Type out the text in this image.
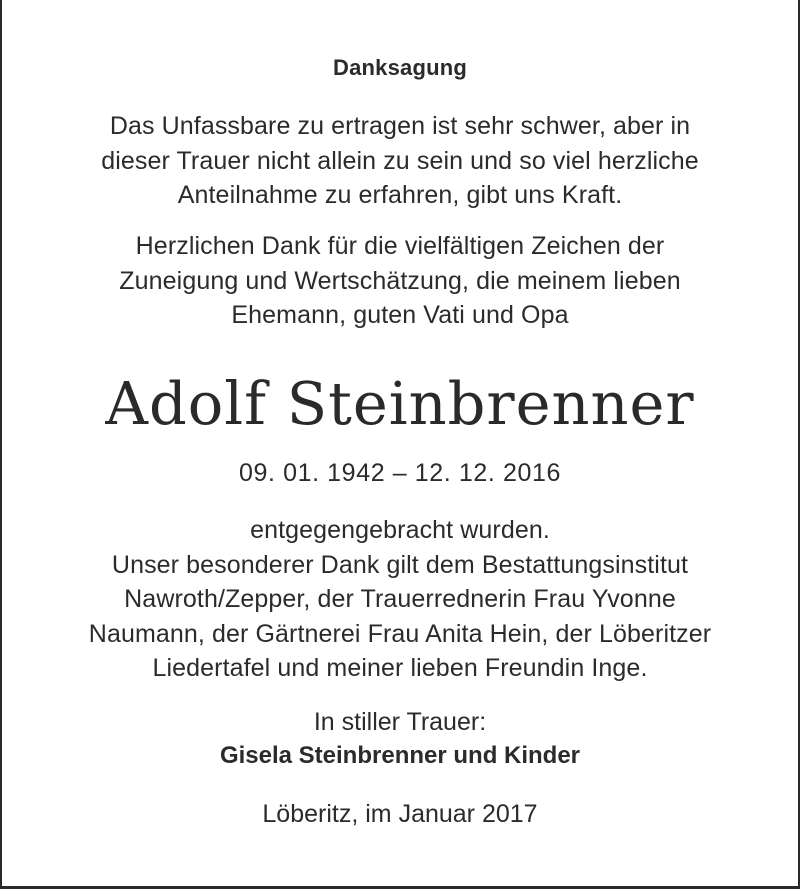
Danksagung
Das Unfassbare zu ertragen ist sehr schwer, aber in
dieser Trauer nicht allein zu sein und so viel herzliche
Anteilnahme zu erfahren, gibt uns Kraft.
Herzlichen Dank für die vielfältigen Zeichen der
Zuneigung und Wertschätzung, die meinem lieben
Ehemann, guten Vati und Opa
Adolf Steinbrenner
09. 01. 1942 – 12. 12. 2016
entgegengebracht wurden.
Unser besonderer Dank gilt dem Bestattungsinstitut
Nawroth/Zepper, der Trauerrednerin Frau Yvonne
Naumann, der Gärtnerei Frau Anita Hein, der Löberitzer
Liedertafel und meiner lieben Freundin Inge.
In stiller Trauer:
Gisela Steinbrenner und Kinder
Löberitz, im Januar 2017
